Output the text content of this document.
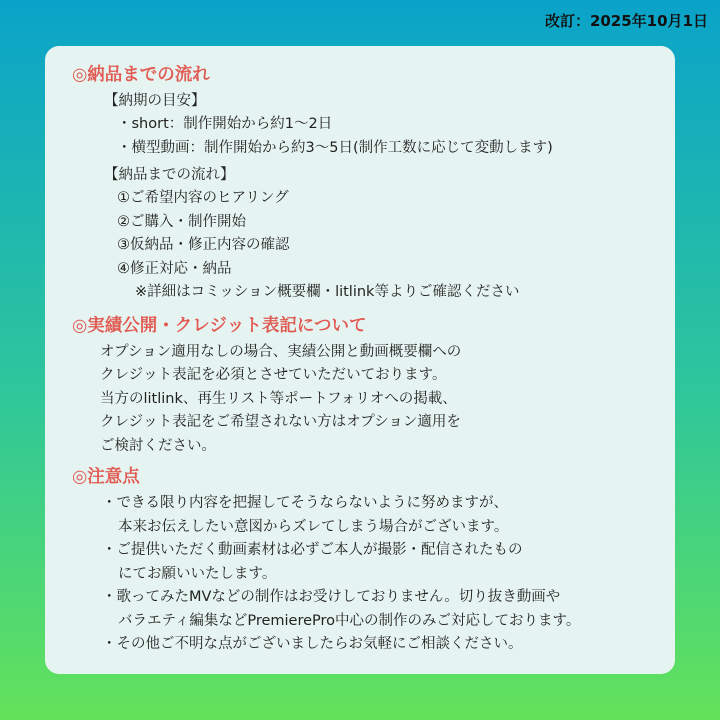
改訂：2025年10月1日
◎納品までの流れ
【納期の目安】
・short：制作開始から約1～2日
・横型動画：制作開始から約3～5日(制作工数に応じて変動します)
【納品までの流れ】
①ご希望内容のヒアリング
②ご購入・制作開始
③仮納品・修正内容の確認
④修正対応・納品
※詳細はコミッション概要欄・litlink等よりご確認ください
◎実績公開・クレジット表記について
オプション適用なしの場合、実績公開と動画概要欄への
クレジット表記を必須とさせていただいております。
当方のlitlink、再生リスト等ポートフォリオへの掲載、
クレジット表記をご希望されない方はオプション適用を
ご検討ください。
◎注意点
・できる限り内容を把握してそうならないように努めますが、
本来お伝えしたい意図からズレてしまう場合がございます。
・ご提供いただく動画素材は必ずご本人が撮影・配信されたもの
にてお願いいたします。
・歌ってみたMVなどの制作はお受けしておりません。切り抜き動画や
バラエティ編集などPremierePro中心の制作のみご対応しております。
・その他ご不明な点がございましたらお気軽にご相談ください。
